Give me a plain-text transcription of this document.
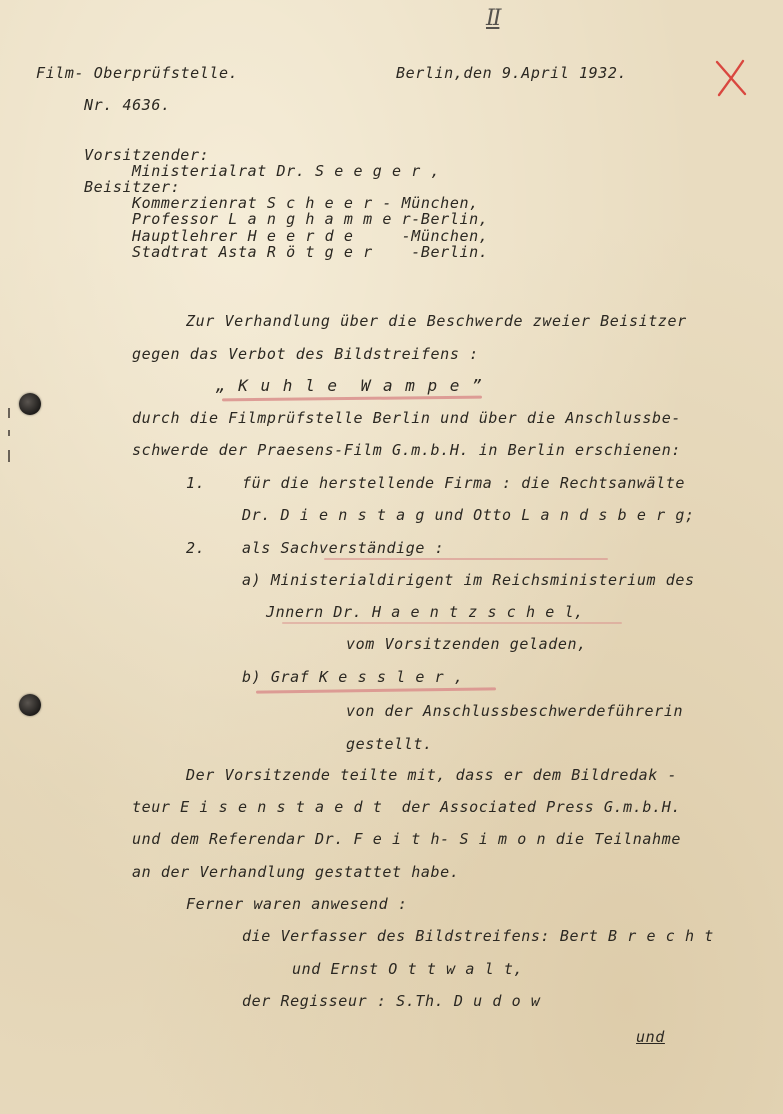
II
Film- Oberprüfstelle.	Berlin,den 9.April 1932.
Nr. 4636.
Vorsitzender:
Ministerialrat Dr. S e e g e r ,
Beisitzer:
Kommerzienrat S c h e e r - München,
Professor L a n g h a m m e r-Berlin,
Hauptlehrer H e e r d e     -München,
Stadtrat Asta R ö t g e r    -Berlin.
Zur Verhandlung über die Beschwerde zweier Beisitzer
gegen das Verbot des Bildstreifens :
„ K u h l e  W a m p e ”
durch die Filmprüfstelle Berlin und über die Anschlussbe-
schwerde der Praesens-Film G.m.b.H. in Berlin erschienen:
1. für die herstellende Firma : die Rechtsanwälte
Dr. D i e n s t a g und Otto L a n d s b e r g;
2. als Sachverständige :
a) Ministerialdirigent im Reichsministerium des
Jnnern Dr. H a e n t z s c h e l,
vom Vorsitzenden geladen,
b) Graf K e s s l e r ,
von der Anschlussbeschwerdeführerin
gestellt.
Der Vorsitzende teilte mit, dass er dem Bildredak -
teur E i s e n s t a e d t  der Associated Press G.m.b.H.
und dem Referendar Dr. F e i t h- S i m o n die Teilnahme
an der Verhandlung gestattet habe.
Ferner waren anwesend :
die Verfasser des Bildstreifens: Bert B r e c h t
und Ernst O t t w a l t,
der Regisseur : S.Th. D u d o w
und
